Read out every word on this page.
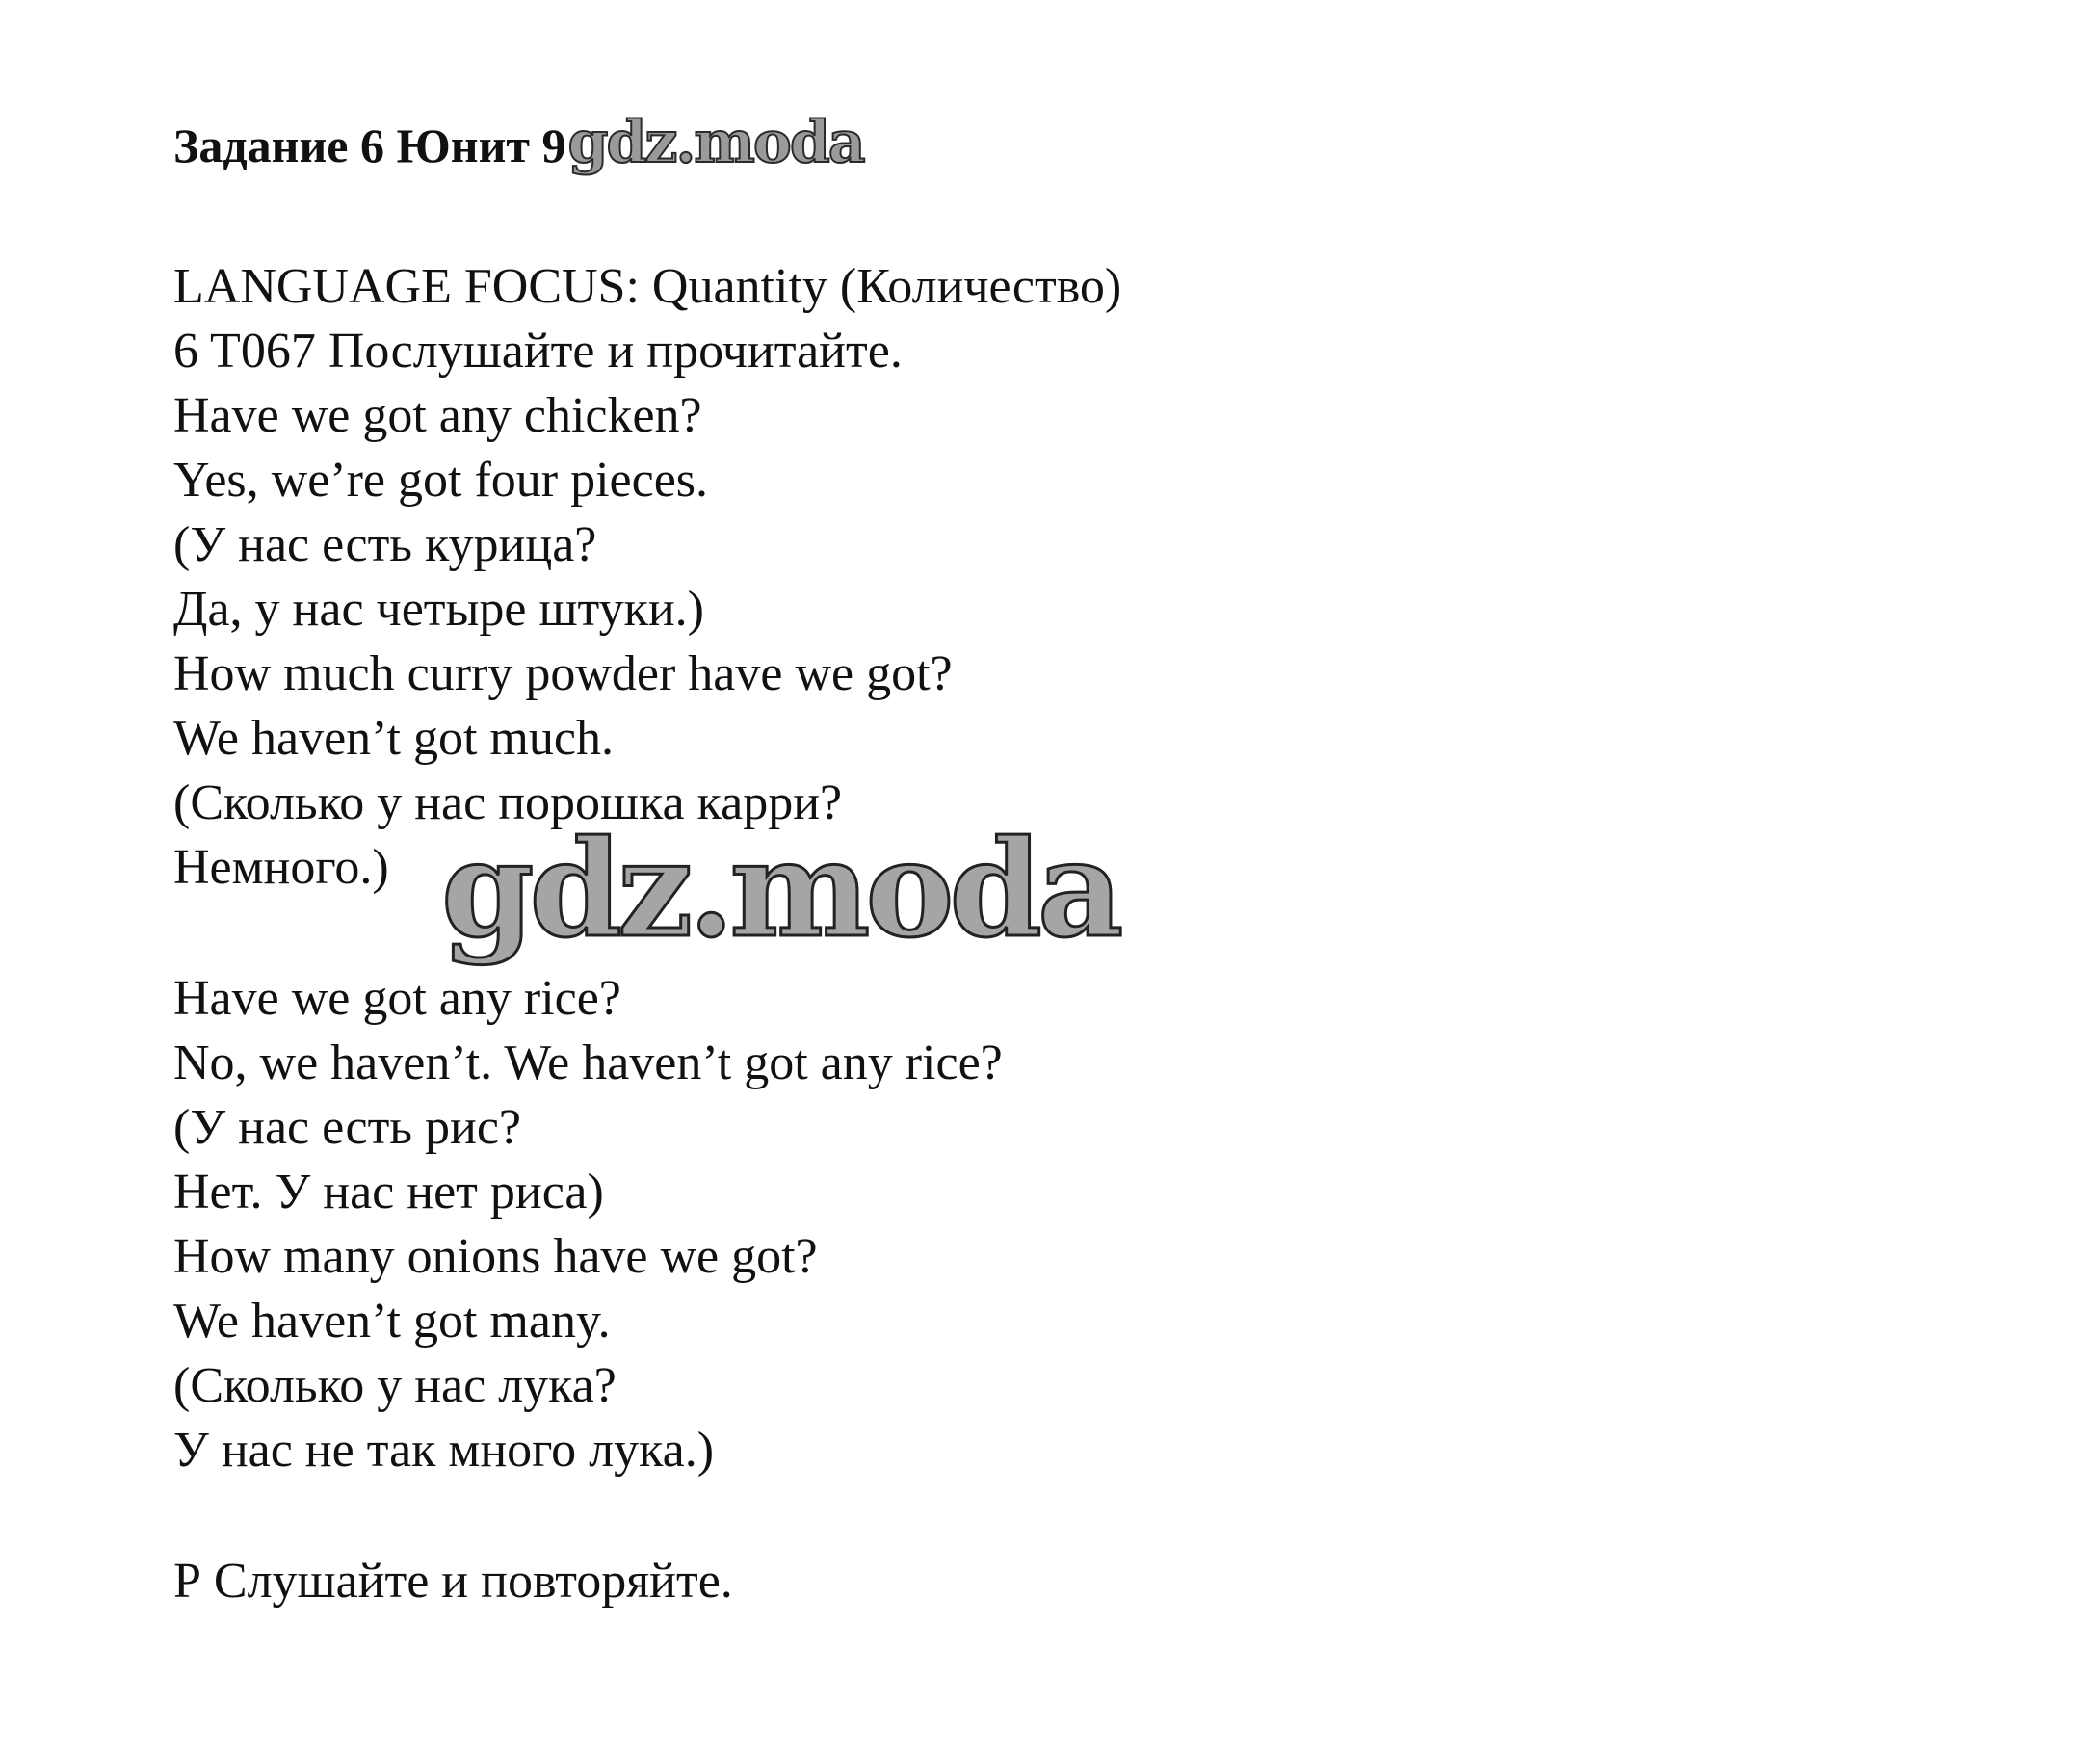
Задание 6 Юнит 9 gdz.moda
LANGUAGE FOCUS: Quantity (Количество)
6 T067 Послушайте и прочитайте.
Have we got any chicken?
Yes, we’re got four pieces.
(У нас есть курица?
Да, у нас четыре штуки.)
How much curry powder have we got?
We haven’t got much.
(Сколько у нас порошка карри?
Немного.) gdz.moda
Have we got any rice?
No, we haven’t. We haven’t got any rice?
(У нас есть рис?
Нет. У нас нет риса)
How many onions have we got?
We haven’t got many.
(Сколько у нас лука?
У нас не так много лука.)
Р Слушайте и повторяйте.
